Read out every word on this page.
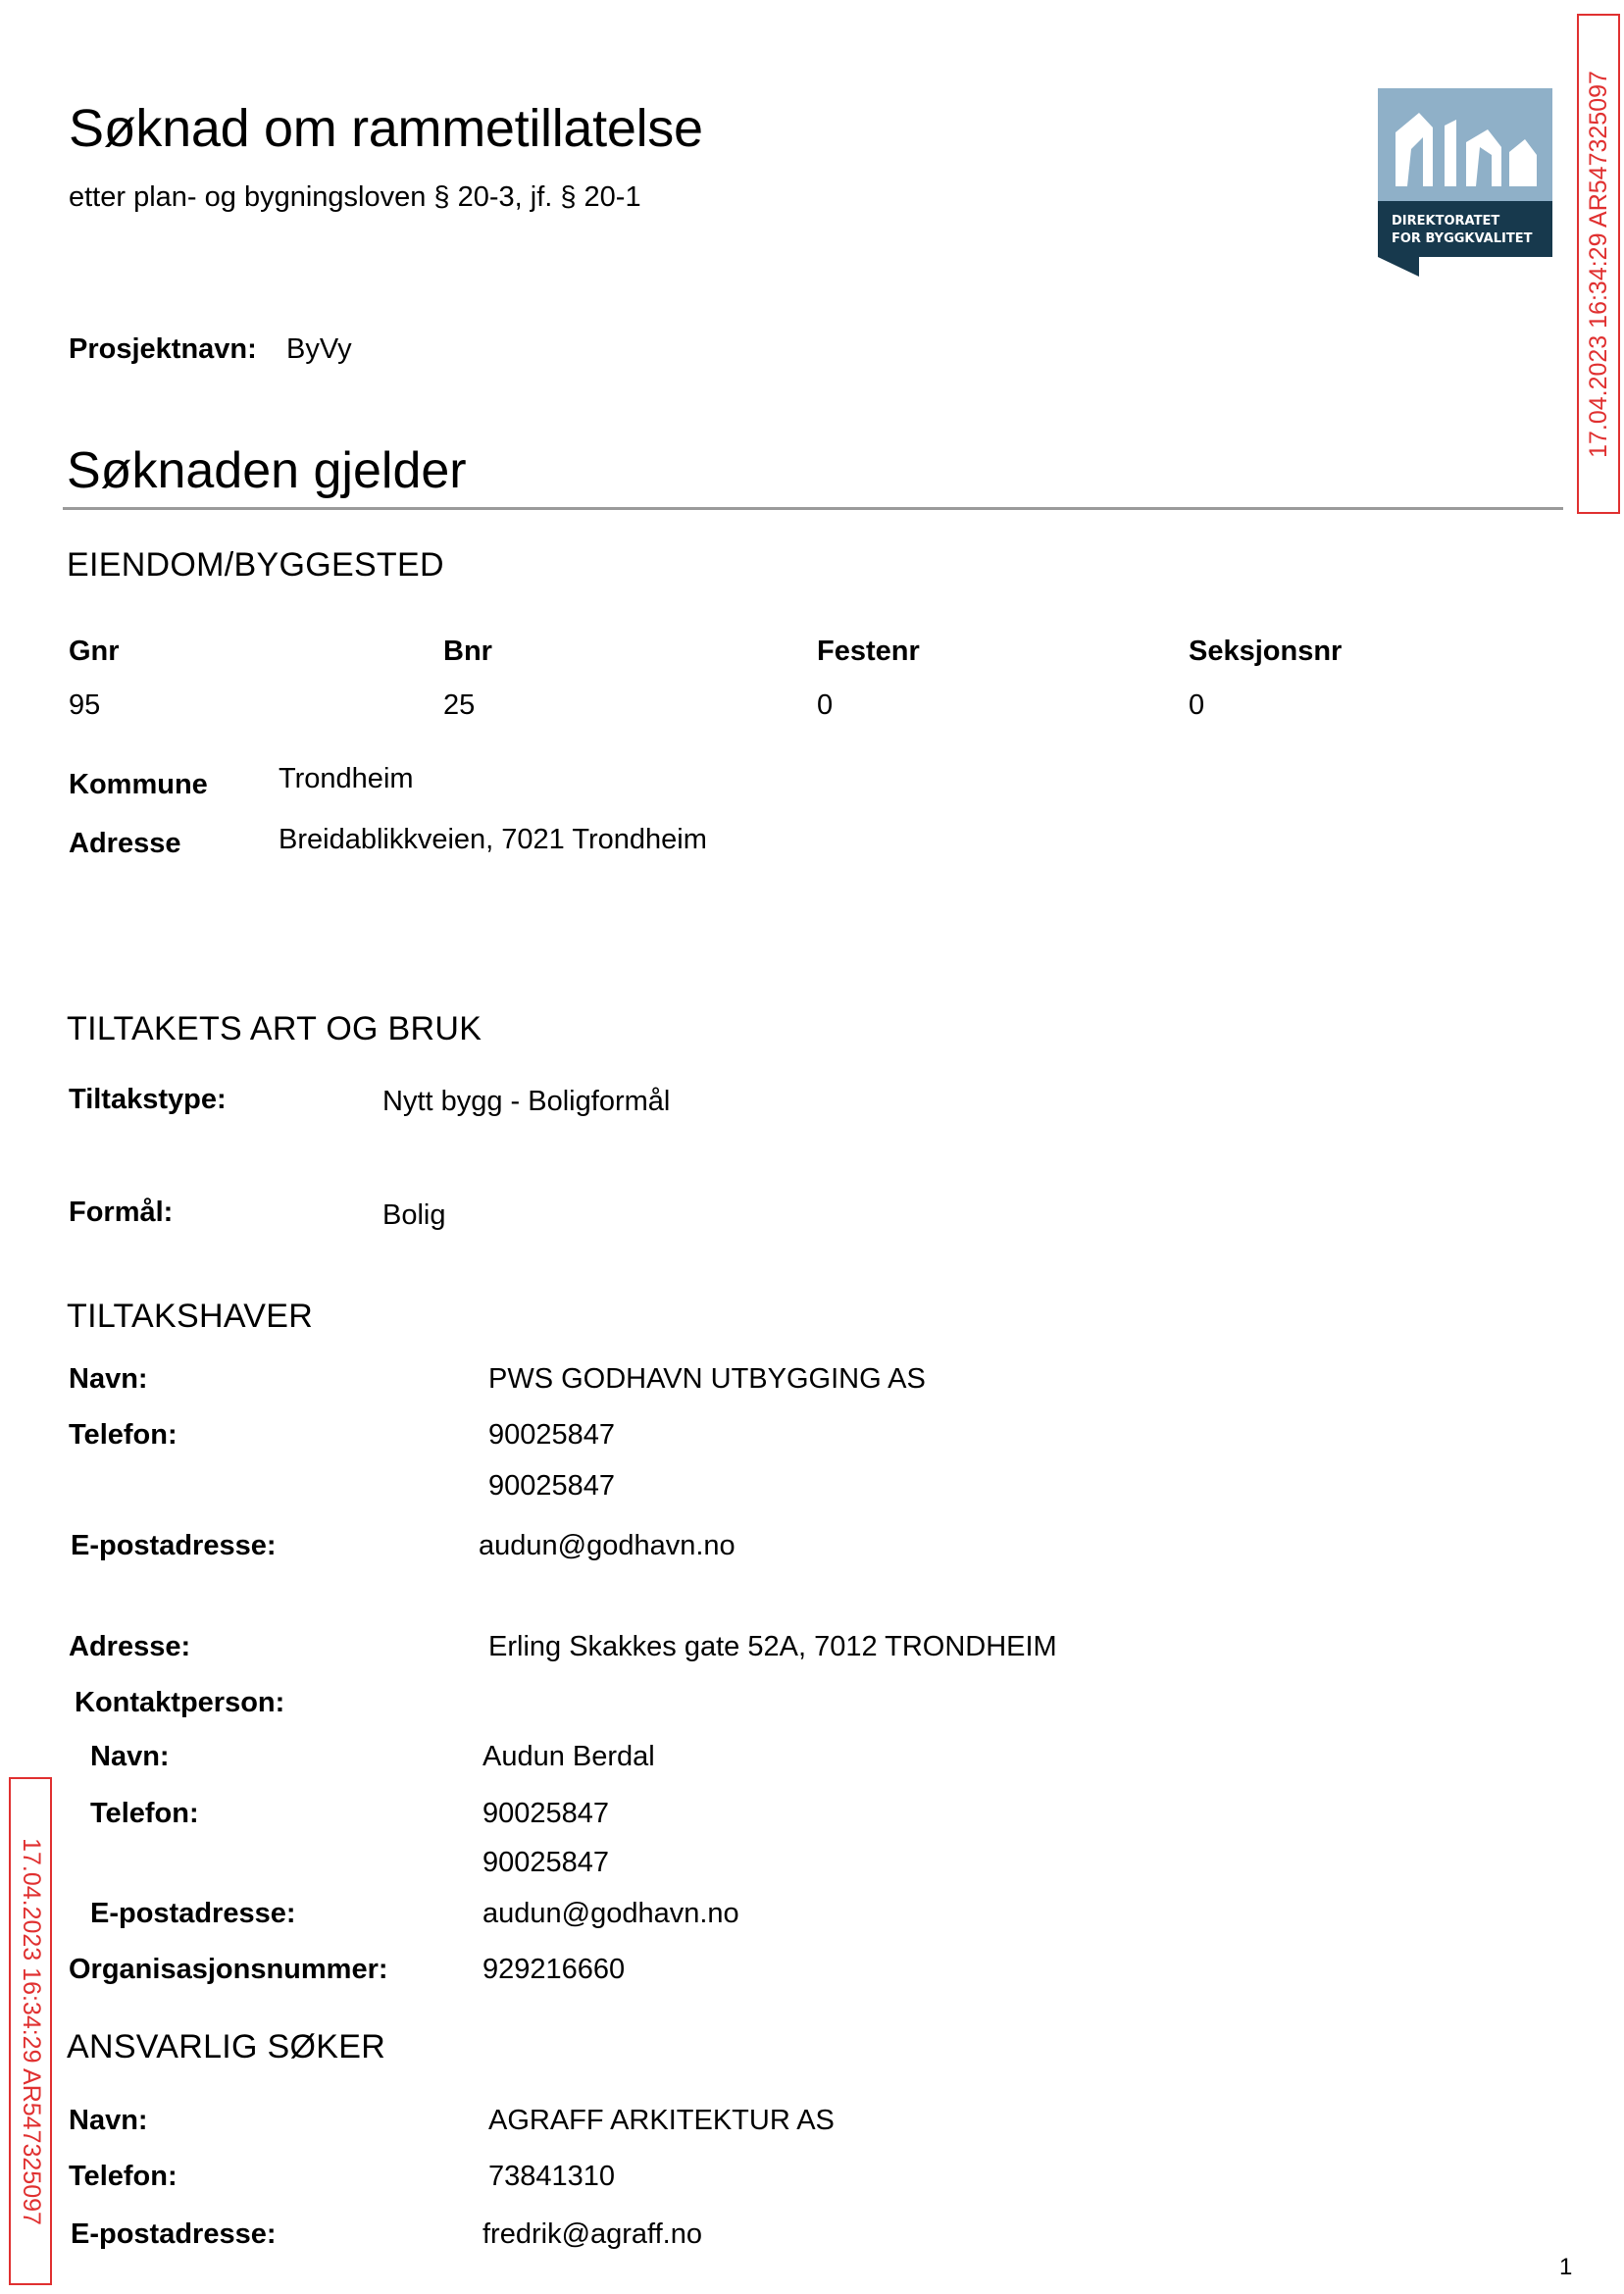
Søknad om rammetillatelse
etter plan- og bygningsloven § 20-3, jf. § 20-1
DIREKTORATET
FOR BYGGKVALITET 17.04.2023 16:34:29 AR547325097
17.04.2023 16:34:29 AR547325097
Prosjektnavn: ByVy
Søknaden gjelder
EIENDOM/BYGGESTED
Gnr	Bnr	Festenr	Seksjonsnr
95	25	0	0
Kommune Trondheim
Adresse	Breidablikkveien, 7021 Trondheim
TILTAKETS ART OG BRUK
Tiltakstype:	Nytt bygg - Boligformål
Formål:	Bolig
TILTAKSHAVER
Navn:	PWS GODHAVN UTBYGGING AS
Telefon:	90025847
90025847
E-postadresse:	audun@godhavn.no
Adresse:	Erling Skakkes gate 52A, 7012 TRONDHEIM
Kontaktperson:
Navn:	Audun Berdal
Telefon:	90025847
90025847
E-postadresse:	audun@godhavn.no
Organisasjonsnummer:	929216660
ANSVARLIG SØKER
Navn:	AGRAFF ARKITEKTUR AS
Telefon:	73841310
E-postadresse:	fredrik@agraff.no
1
